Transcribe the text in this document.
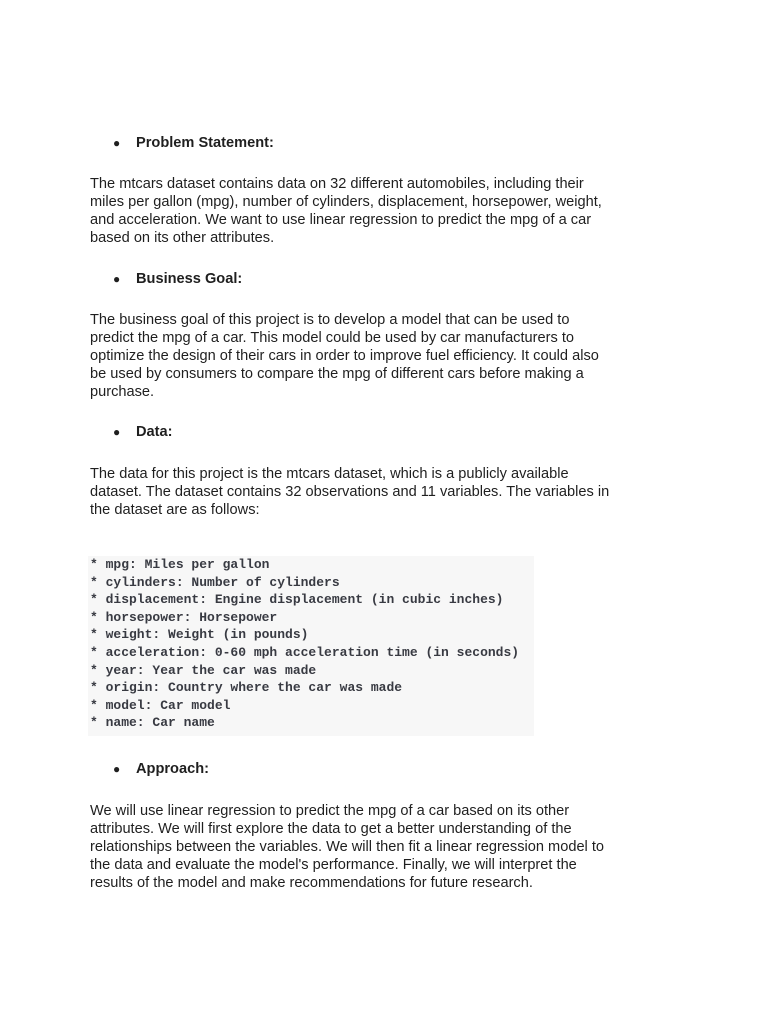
●	Problem Statement:

The mtcars dataset contains data on 32 different automobiles, including their
miles per gallon (mpg), number of cylinders, displacement, horsepower, weight,
and acceleration. We want to use linear regression to predict the mpg of a car
based on its other attributes.

●	Business Goal:

The business goal of this project is to develop a model that can be used to
predict the mpg of a car. This model could be used by car manufacturers to
optimize the design of their cars in order to improve fuel efficiency. It could also
be used by consumers to compare the mpg of different cars before making a
purchase.

●	Data:

The data for this project is the mtcars dataset, which is a publicly available
dataset. The dataset contains 32 observations and 11 variables. The variables in
the dataset are as follows:

* mpg: Miles per gallon
* cylinders: Number of cylinders
* displacement: Engine displacement (in cubic inches)
* horsepower: Horsepower
* weight: Weight (in pounds)
* acceleration: 0-60 mph acceleration time (in seconds)
* year: Year the car was made
* origin: Country where the car was made
* model: Car model
* name: Car name
●	Approach:

We will use linear regression to predict the mpg of a car based on its other
attributes. We will first explore the data to get a better understanding of the
relationships between the variables. We will then fit a linear regression model to
the data and evaluate the model's performance. Finally, we will interpret the
results of the model and make recommendations for future research.
